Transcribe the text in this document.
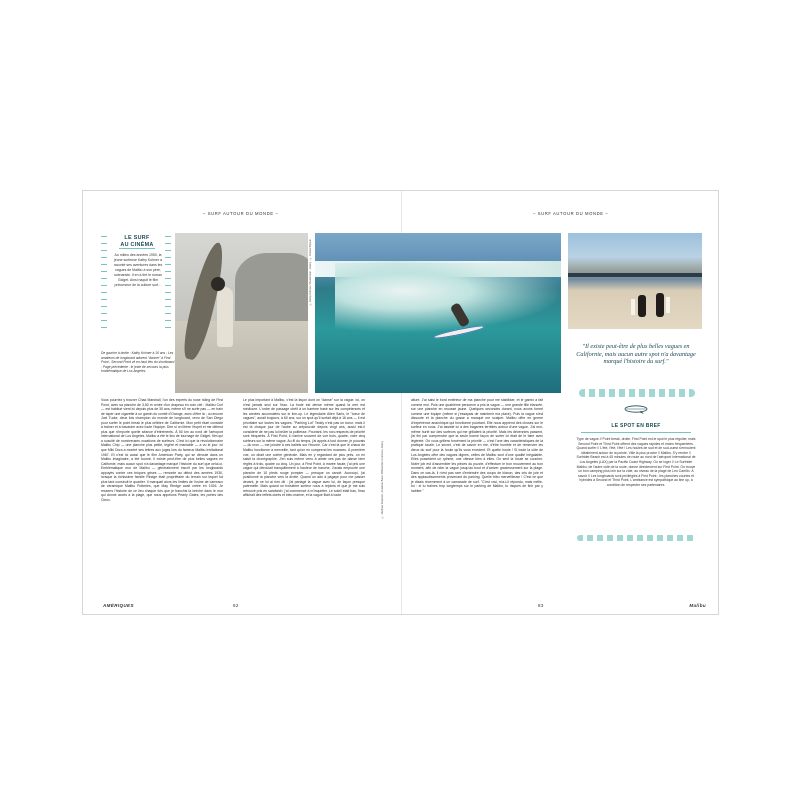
– SURF AUTOUR DU MONDE –	– SURF AUTOUR DU MONDE –
LE SURF
AU CINÉMA
Au milieu des années 1950, la jeune surfeuse Kathy Kohner a raconté ses aventures dans les vagues de Malibu à son père, scénariste. Il en a tiré le roman Gidget. Ainsi naquit le film précurseur de la culture surf…
De gauche à droite : Kathy Kohner à 16 ans ; Les amateurs de longboard adorent "dancer" à First Point ; Second Point vit en haut lieu du shortboard ; Page précédente : le jeste de secours la plus emblématique de Los Angeles.
© Kathy Kohner / Zuckerman ; Alamy ; © Roland Bencin
"Il existe peut-être de plus belles vagues en Californie, mais aucun autre spot n'a davantage marqué l'histoire du surf."
Vous pourriez y trouver Chad Marshall, l'un des experts du nose riding de First Point, avec sa planche de 3,50 m ornée d'un drapeau en coin ciel : Malibu Curl — est habitué vient ici depuis plus de 30 ans, même s'il ne surfe pas — en train de taper une cigarette à un gamin du comté d'Orange, avec d'être là ; ou encore Joel Tudor, deux fois champion du monde de longboard, venu de San Diego pour surfer le point break le plus célèbre de Californie. Mon petit rituel consiste à traîner et à bavarder avec toute l'équipe. Dire si on libère l'esprit et me détend plus que n'importe quelle séance d'étirements. À 50 km au nord de l'aéroport international de Los Angeles, Malibu a été le lieu de tournage de Gidget, film qui a suscité de nombreuses vocations de surfeurs. C'est ici que la révolutionnaire Malibu Chip — une planche plus petite, légère et maniable — a vu le jour. Ici que Miki Dora a montré ses lettres aux juges lors du fameux Malibu Invitational 1967. Et c'est ici aussi que le film American Party, qui se déroule dans un Malibu imaginaire, a été tourné. Il existe peut-être de plus belles vagues en Californie, mais aucun spot n'a davantage marqué l'histoire du surf que celui-ci. Emblématique mur de Malibu — généralement inscrit par les longboards appuyés contre ces briques grises — remonte au début des années 1930, lorsque la richissime famille Rindge était propriétaire du terrain sur lequel fut plus tard construit le quartier. Il marquait alors les limites de l'usine de carreaux de céramique Malibu Potteries, que May Rindge avait créée en 1926. Je ressens l'histoire de ce lieu chaque fois que je franchis la brèche dans le mur qui donne accès à la plage, que nous appelons Pearly Gates, les portes des Cieux.
Le plus important à Malibu, c'est la façon dont on "danse" sur la vague. Ici, on n'est jamais seul sur l'eau. La foule est dense même quand la mer est médiocre. L'ordre de passage obéit à un barème basé sur les compétences et les années accumulées sur le line-up. Le légendaire Allen Sarlo, le "tueur de vagues", aurait toujours, à 60 ans, sur un spot qu'il surfait déjà à 16 ans — il est prioritaire sur toutes les vagues. "Parking Lot" Teddy n'est pas un tueur, mais il est là chaque jour de l'aube au crépuscule depuis vingt ans, aussi est-il considéré de ne pas lui brûler la politesse. Pourtant, les non-respects de priorité sont fréquents. À First Point, il n'arrive souvent de voir trois, quatre, voire cinq surfeurs sur la même vague. Au fil du temps, j'ai appris à tout donner, je pouvais — du mon — me joindre à ces ballets sur l'écume. Car c'est là que le chaos de Malibu fonctionne à merveille, tant qu'on en comprend les nuances. À première vue, on dirait une colère générale. Mais en y regardant de plus près, on en saisit la chorégraphie. J'en suis même venu à aimer ces pas de danse bien réglés à trois, quatre ou cinq. Un jour, à First Point, à marée haute, j'ai pris une vague qui déroulait tranquillement à hauteur de hanche. J'avais emprunté une planche de 10 pieds rouge pompier — presque un canoë. Accroupi, j'ai positionné la planche vers la droite. Quand un ado à pagayé pour me passer devant, je ne lui ai rien dit : j'ai partagé la vague avec lui, de façon presque paternelle. Mais quand un troisième surfeur nous a rejoints et que je me suis retrouvé pris en sandwich, j'ai commencé à m'inquiéter. Le soleil était bas, l'eau affichait des reflets dorés et bleu marine, et la vague filait à toute	© Matthew Kraemer, Jonathan Baia / Wikimedia Commons, Alamy
allure. J'ai saisi le bord extérieur de ma planche pour me stabiliser, et le gamin a fait comme moi. Puis une quatrième personne a pris la vague — une grande fille élancée, sur une planche en mousse jaune. Quelques secondes durant, nous avons formé comme une équipe (même si j'essayais de maintenir ma place). Puis la vague s'est dissoute et la planche du gosse a manqué me scalper. Malibu offre en germe d'expérience anarchique qui fonctionne pourtant. Elle nous apprend des choses sur le surfeur en nous. J'ai assisté ici à des bagarres terribles autour d'une vague. J'ai moi-même hurlé sur des surfeurs qui me grillaient la priorité. Mais les décennies passent, j'ai fini par comprendre que la seule bonne façon de surfer ici était de le faire avec légèreté. On vous grillera forcément la priorité — c'est l'une des caractéristiques de la pratique locale. Le secret, c'est de savoir en rire, d'être humble et de remercier les dieux du surf pour la houle qu'ils vous envoient. Et quelle houle ! Si toute la côte de Los Angeles offre des vagues dignes, celles de Malibu sont d'une qualité inégalable. Elles possèdent un rythme, une vitesse bien à elles. On sent la houle se coucher. Notre job est d'assembler les pièces du puzzle, d'effectuer le bon mouvement au bon moment, afin de rider la vague jusqu'au bout et d'arriver gracieusement sur la plage. Dans ce cas-là, il n'est pas rare d'entendre des coups de klaxon, des cris de joie et des applaudissements provenant du parking. Quelle tribu merveilleuse ! C'est ce que je disais récemment à un camarade de surf. "C'est vrai, m'a-t-il répondu, mais méfie-toi : si tu traînes trop longtemps sur le parking de Malibu, tu risques de finir par y habiter."
LE SPOT EN BREF
Type de vague // Point break, droite. First Point est le spot le plus régulier, mais Second Point et Third Point offrent des vagues rapides et moins fréquentées. Quand surfer // L'été, l'été, l'été ! Les houles de sud et de sud-ouest s'enroulent idéalement autour de la pointe. Ville la plus proche // Malibu. S'y rendre // Surfrider Beach est à 45 minutes de route au nord de l'aéroport international de Los Angeles (LAX) par la Pacific Coast Highway. Où se loger // Le Surfrider Malibu, de l'autre côté de la route, donne directement sur First Point. On trouve un bon camping plus loin sur la côte, au niveau de la plage de Leo Carrillo. À savoir // Les longboards sont privilégiés à First Point ; les planches courtes et hybrides à Second et Third Point. L'ambiance est sympathique au line up, à condition de respecter ses partenaires.
AMÉRIQUES	82	83	Malibu
